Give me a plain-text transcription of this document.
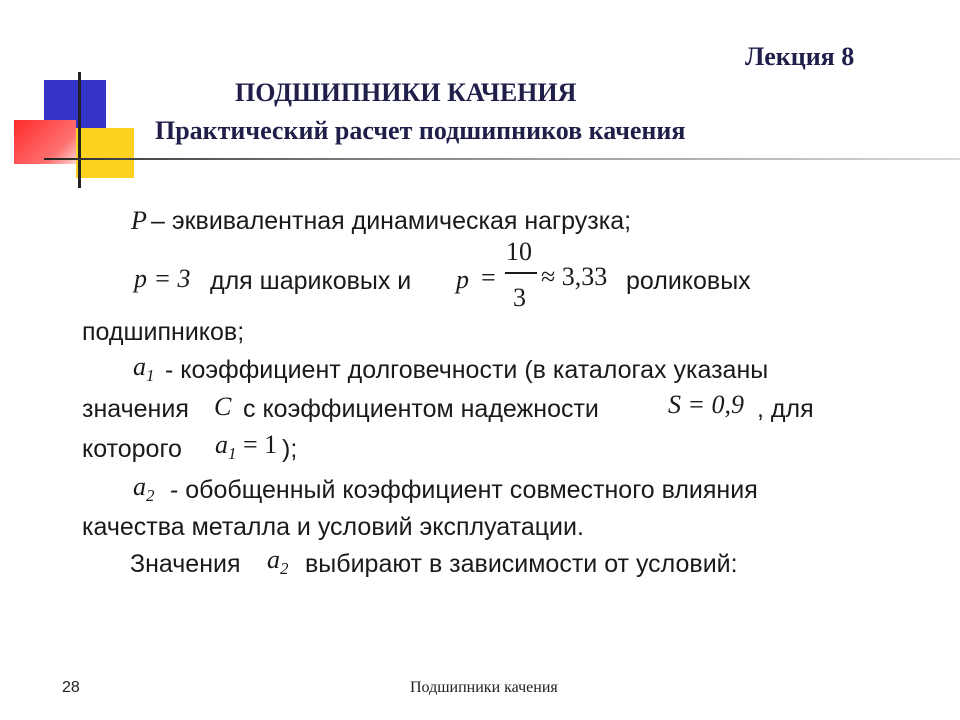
Лекция 8
ПОДШИПНИКИ КАЧЕНИЯ
Практический расчет подшипников качения
P – эквивалентная динамическая нагрузка;
p = 3 для шариковых и p =
10
3
≈ 3,33 роликовых
подшипников;
$a_1$ - коэффициент долговечности (в каталогах указаны
значения C с коэффициентом надежности	S = 0,9 , для
которого $a_1 = 1$ );
$a_2$ - обобщенный коэффициент совместного влияния
качества металла и условий эксплуатации.
Значения $a_2$ выбирают в зависимости от условий:
28	Подшипники качения
